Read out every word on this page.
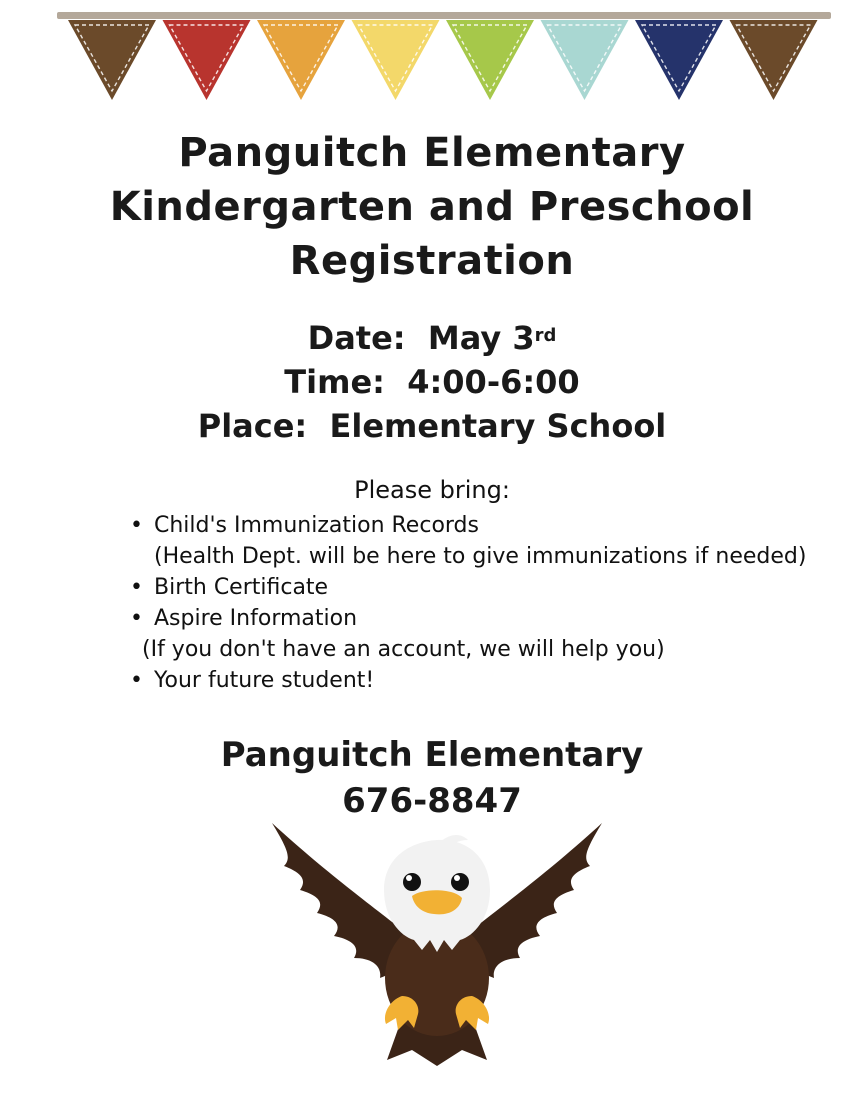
Panguitch Elementary
Kindergarten and Preschool
Registration
Date: May 3rd
Time: 4:00-6:00
Place: Elementary School
Please bring:
• Child's Immunization Records
(Health Dept. will be here to give immunizations if needed)
• Birth Certificate
• Aspire Information
(If you don't have an account, we will help you)
• Your future student!
Panguitch Elementary
676-8847
